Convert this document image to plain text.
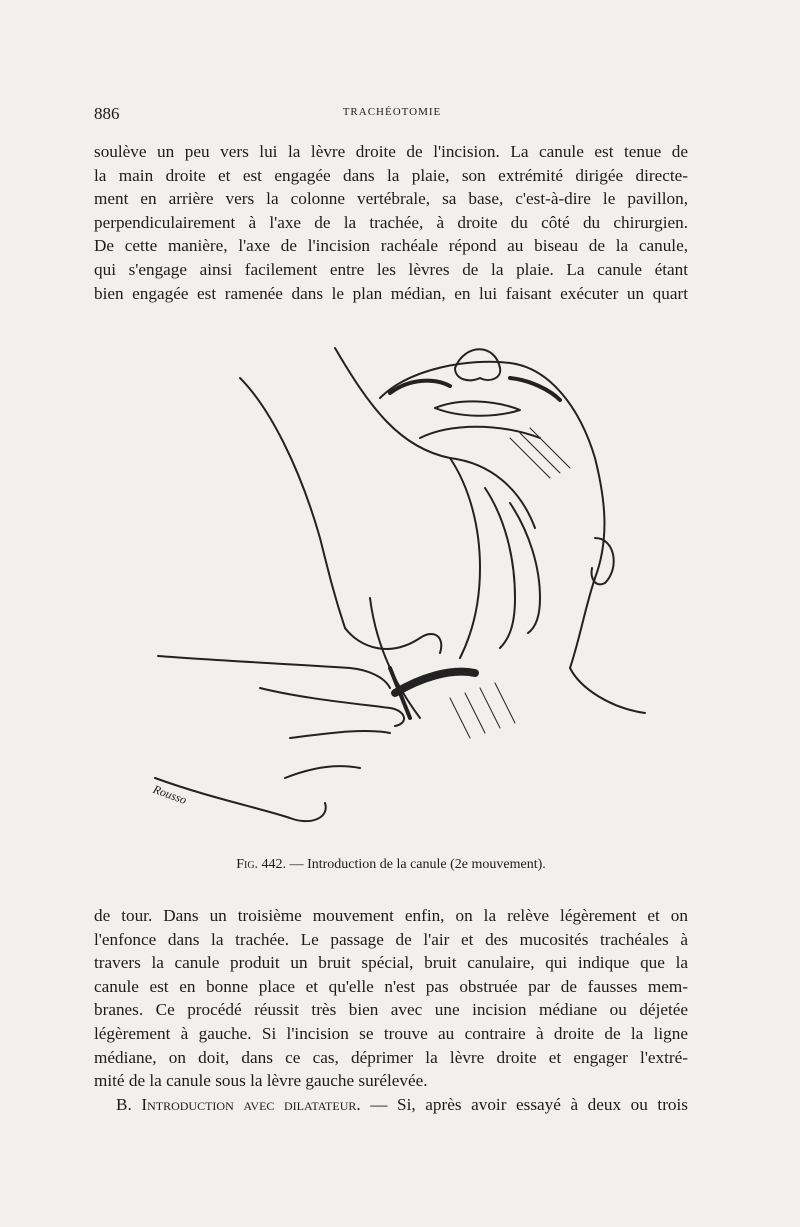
886	TRACHÉOTOMIE
soulève un peu vers lui la lèvre droite de l'incision. La canule est tenue de
la main droite et est engagée dans la plaie, son extrémité dirigée directe-
ment en arrière vers la colonne vertébrale, sa base, c'est-à-dire le pavillon,
perpendiculairement à l'axe de la trachée, à droite du côté du chirurgien.
De cette manière, l'axe de l'incision rachéale répond au biseau de la canule,
qui s'engage ainsi facilement entre les lèvres de la plaie. La canule étant
bien engagée est ramenée dans le plan médian, en lui faisant exécuter un quart
Rousso
Fig. 442. — Introduction de la canule (2e mouvement).
de tour. Dans un troisième mouvement enfin, on la relève légèrement et on
l'enfonce dans la trachée. Le passage de l'air et des mucosités trachéales à
travers la canule produit un bruit spécial, bruit canulaire, qui indique que la
canule est en bonne place et qu'elle n'est pas obstruée par de fausses mem-
branes. Ce procédé réussit très bien avec une incision médiane ou déjetée
légèrement à gauche. Si l'incision se trouve au contraire à droite de la ligne
médiane, on doit, dans ce cas, déprimer la lèvre droite et engager l'extré-
mité de la canule sous la lèvre gauche surélevée.
B. Introduction avec dilatateur. — Si, après avoir essayé à deux ou trois
